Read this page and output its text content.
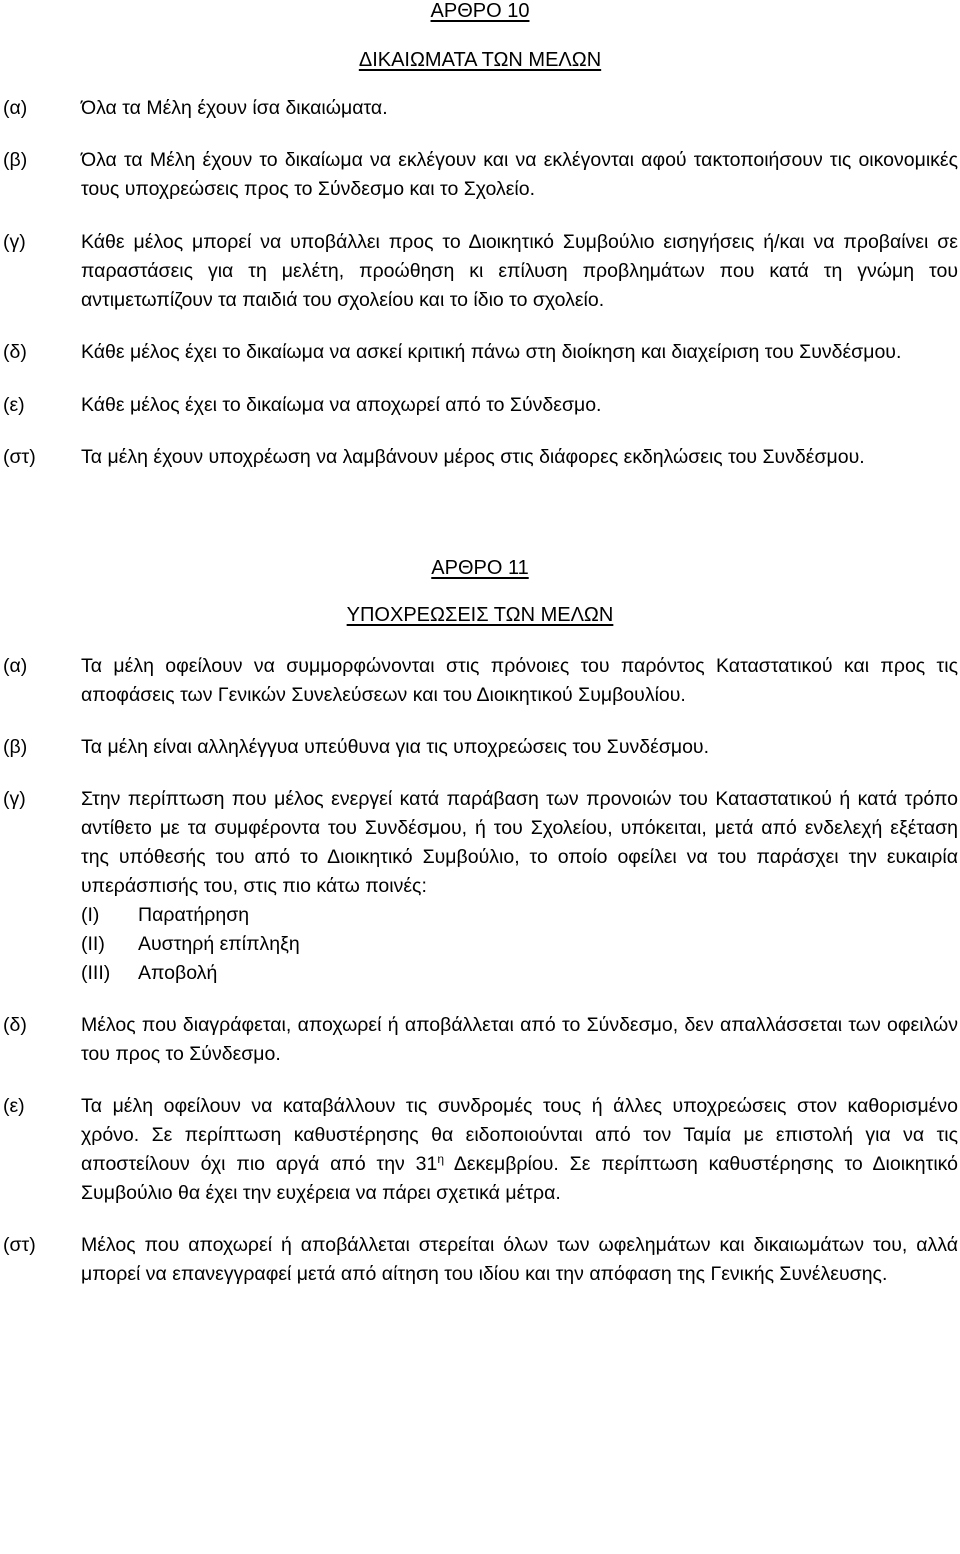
ΑΡΘΡΟ 10
ΔΙΚΑΙΩΜΑΤΑ ΤΩΝ ΜΕΛΩΝ
(α)	Όλα τα Μέλη έχουν ίσα δικαιώματα.
(β)	Όλα τα Μέλη έχουν το δικαίωμα να εκλέγουν και να εκλέγονται αφού τακτοποιήσουν τις οικονομικές τους υποχρεώσεις προς το Σύνδεσμο και το Σχολείο.
(γ)	Κάθε μέλος μπορεί να υποβάλλει προς το Διοικητικό Συμβούλιο εισηγήσεις ή/και να προβαίνει σε παραστάσεις για τη μελέτη, προώθηση κι επίλυση προβλημάτων που κατά τη γνώμη του αντιμετωπίζουν τα παιδιά του σχολείου και το ίδιο το σχολείο.
(δ)	Κάθε μέλος έχει το δικαίωμα να ασκεί κριτική πάνω στη διοίκηση και διαχείριση του Συνδέσμου.
(ε)	Κάθε μέλος έχει το δικαίωμα να αποχωρεί από το Σύνδεσμο.
(στ) Τα μέλη έχουν υποχρέωση να λαμβάνουν μέρος στις διάφορες εκδηλώσεις του Συνδέσμου.
ΑΡΘΡΟ 11
ΥΠΟΧΡΕΩΣΕΙΣ ΤΩΝ ΜΕΛΩΝ
(α)	Τα μέλη οφείλουν να συμμορφώνονται στις πρόνοιες του παρόντος Καταστατικού και προς τις αποφάσεις των Γενικών Συνελεύσεων και του Διοικητικού Συμβουλίου.
(β)	Τα μέλη είναι αλληλέγγυα υπεύθυνα για τις υποχρεώσεις του Συνδέσμου.
(γ)	Στην περίπτωση που μέλος ενεργεί κατά παράβαση των προνοιών του Καταστατικού ή κατά τρόπο αντίθετο με τα συμφέροντα του Συνδέσμου, ή του Σχολείου, υπόκειται, μετά από ενδελεχή εξέταση της υπόθεσής του από το Διοικητικό Συμβούλιο, το οποίο οφείλει να του παράσχει την ευκαιρία υπεράσπισής του, στις πιο κάτω ποινές:
(Ι) Παρατήρηση
(ΙΙ) Αυστηρή επίπληξη
(ΙΙΙ) Αποβολή
(δ)	Μέλος που διαγράφεται, αποχωρεί ή αποβάλλεται από το Σύνδεσμο, δεν απαλλάσσεται των οφειλών του προς το Σύνδεσμο.
(ε)	Τα μέλη οφείλουν να καταβάλλουν τις συνδρομές τους ή άλλες υποχρεώσεις στον καθορισμένο χρόνο. Σε περίπτωση καθυστέρησης θα ειδοποιούνται από τον Ταμία με επιστολή για να τις αποστείλουν όχι πιο αργά από την $31^\eta$ Δεκεμβρίου. Σε περίπτωση καθυστέρησης το Διοικητικό Συμβούλιο θα έχει την ευχέρεια να πάρει σχετικά μέτρα.
(στ) Μέλος που αποχωρεί ή αποβάλλεται στερείται όλων των ωφελημάτων και δικαιωμάτων του, αλλά μπορεί να επανεγγραφεί μετά από αίτηση του ιδίου και την απόφαση της Γενικής Συνέλευσης.
